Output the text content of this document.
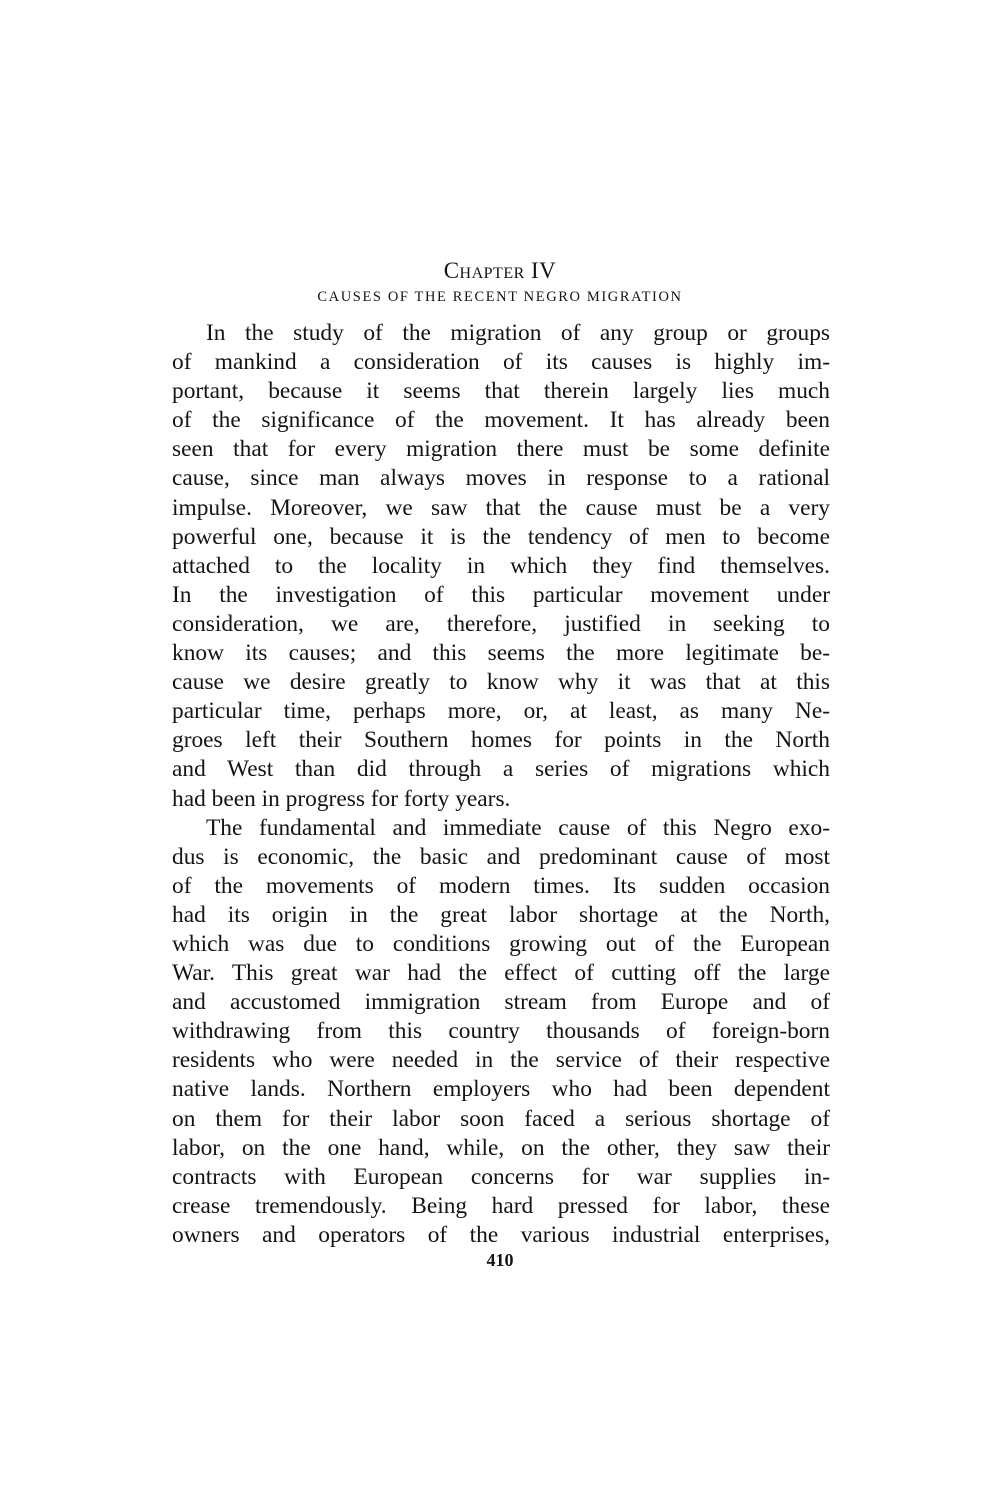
Chapter IV
CAUSES OF THE RECENT NEGRO MIGRATION
In the study of the migration of any group or groups
of mankind a consideration of its causes is highly im-
portant, because it seems that therein largely lies much
of the significance of the movement. It has already been
seen that for every migration there must be some definite
cause, since man always moves in response to a rational
impulse. Moreover, we saw that the cause must be a very
powerful one, because it is the tendency of men to become
attached to the locality in which they find themselves.
In the investigation of this particular movement under
consideration, we are, therefore, justified in seeking to
know its causes; and this seems the more legitimate be-
cause we desire greatly to know why it was that at this
particular time, perhaps more, or, at least, as many Ne-
groes left their Southern homes for points in the North
and West than did through a series of migrations which
had been in progress for forty years.
The fundamental and immediate cause of this Negro exo-
dus is economic, the basic and predominant cause of most
of the movements of modern times. Its sudden occasion
had its origin in the great labor shortage at the North,
which was due to conditions growing out of the European
War. This great war had the effect of cutting off the large
and accustomed immigration stream from Europe and of
withdrawing from this country thousands of foreign-born
residents who were needed in the service of their respective
native lands. Northern employers who had been dependent
on them for their labor soon faced a serious shortage of
labor, on the one hand, while, on the other, they saw their
contracts with European concerns for war supplies in-
crease tremendously. Being hard pressed for labor, these
owners and operators of the various industrial enterprises,
410
